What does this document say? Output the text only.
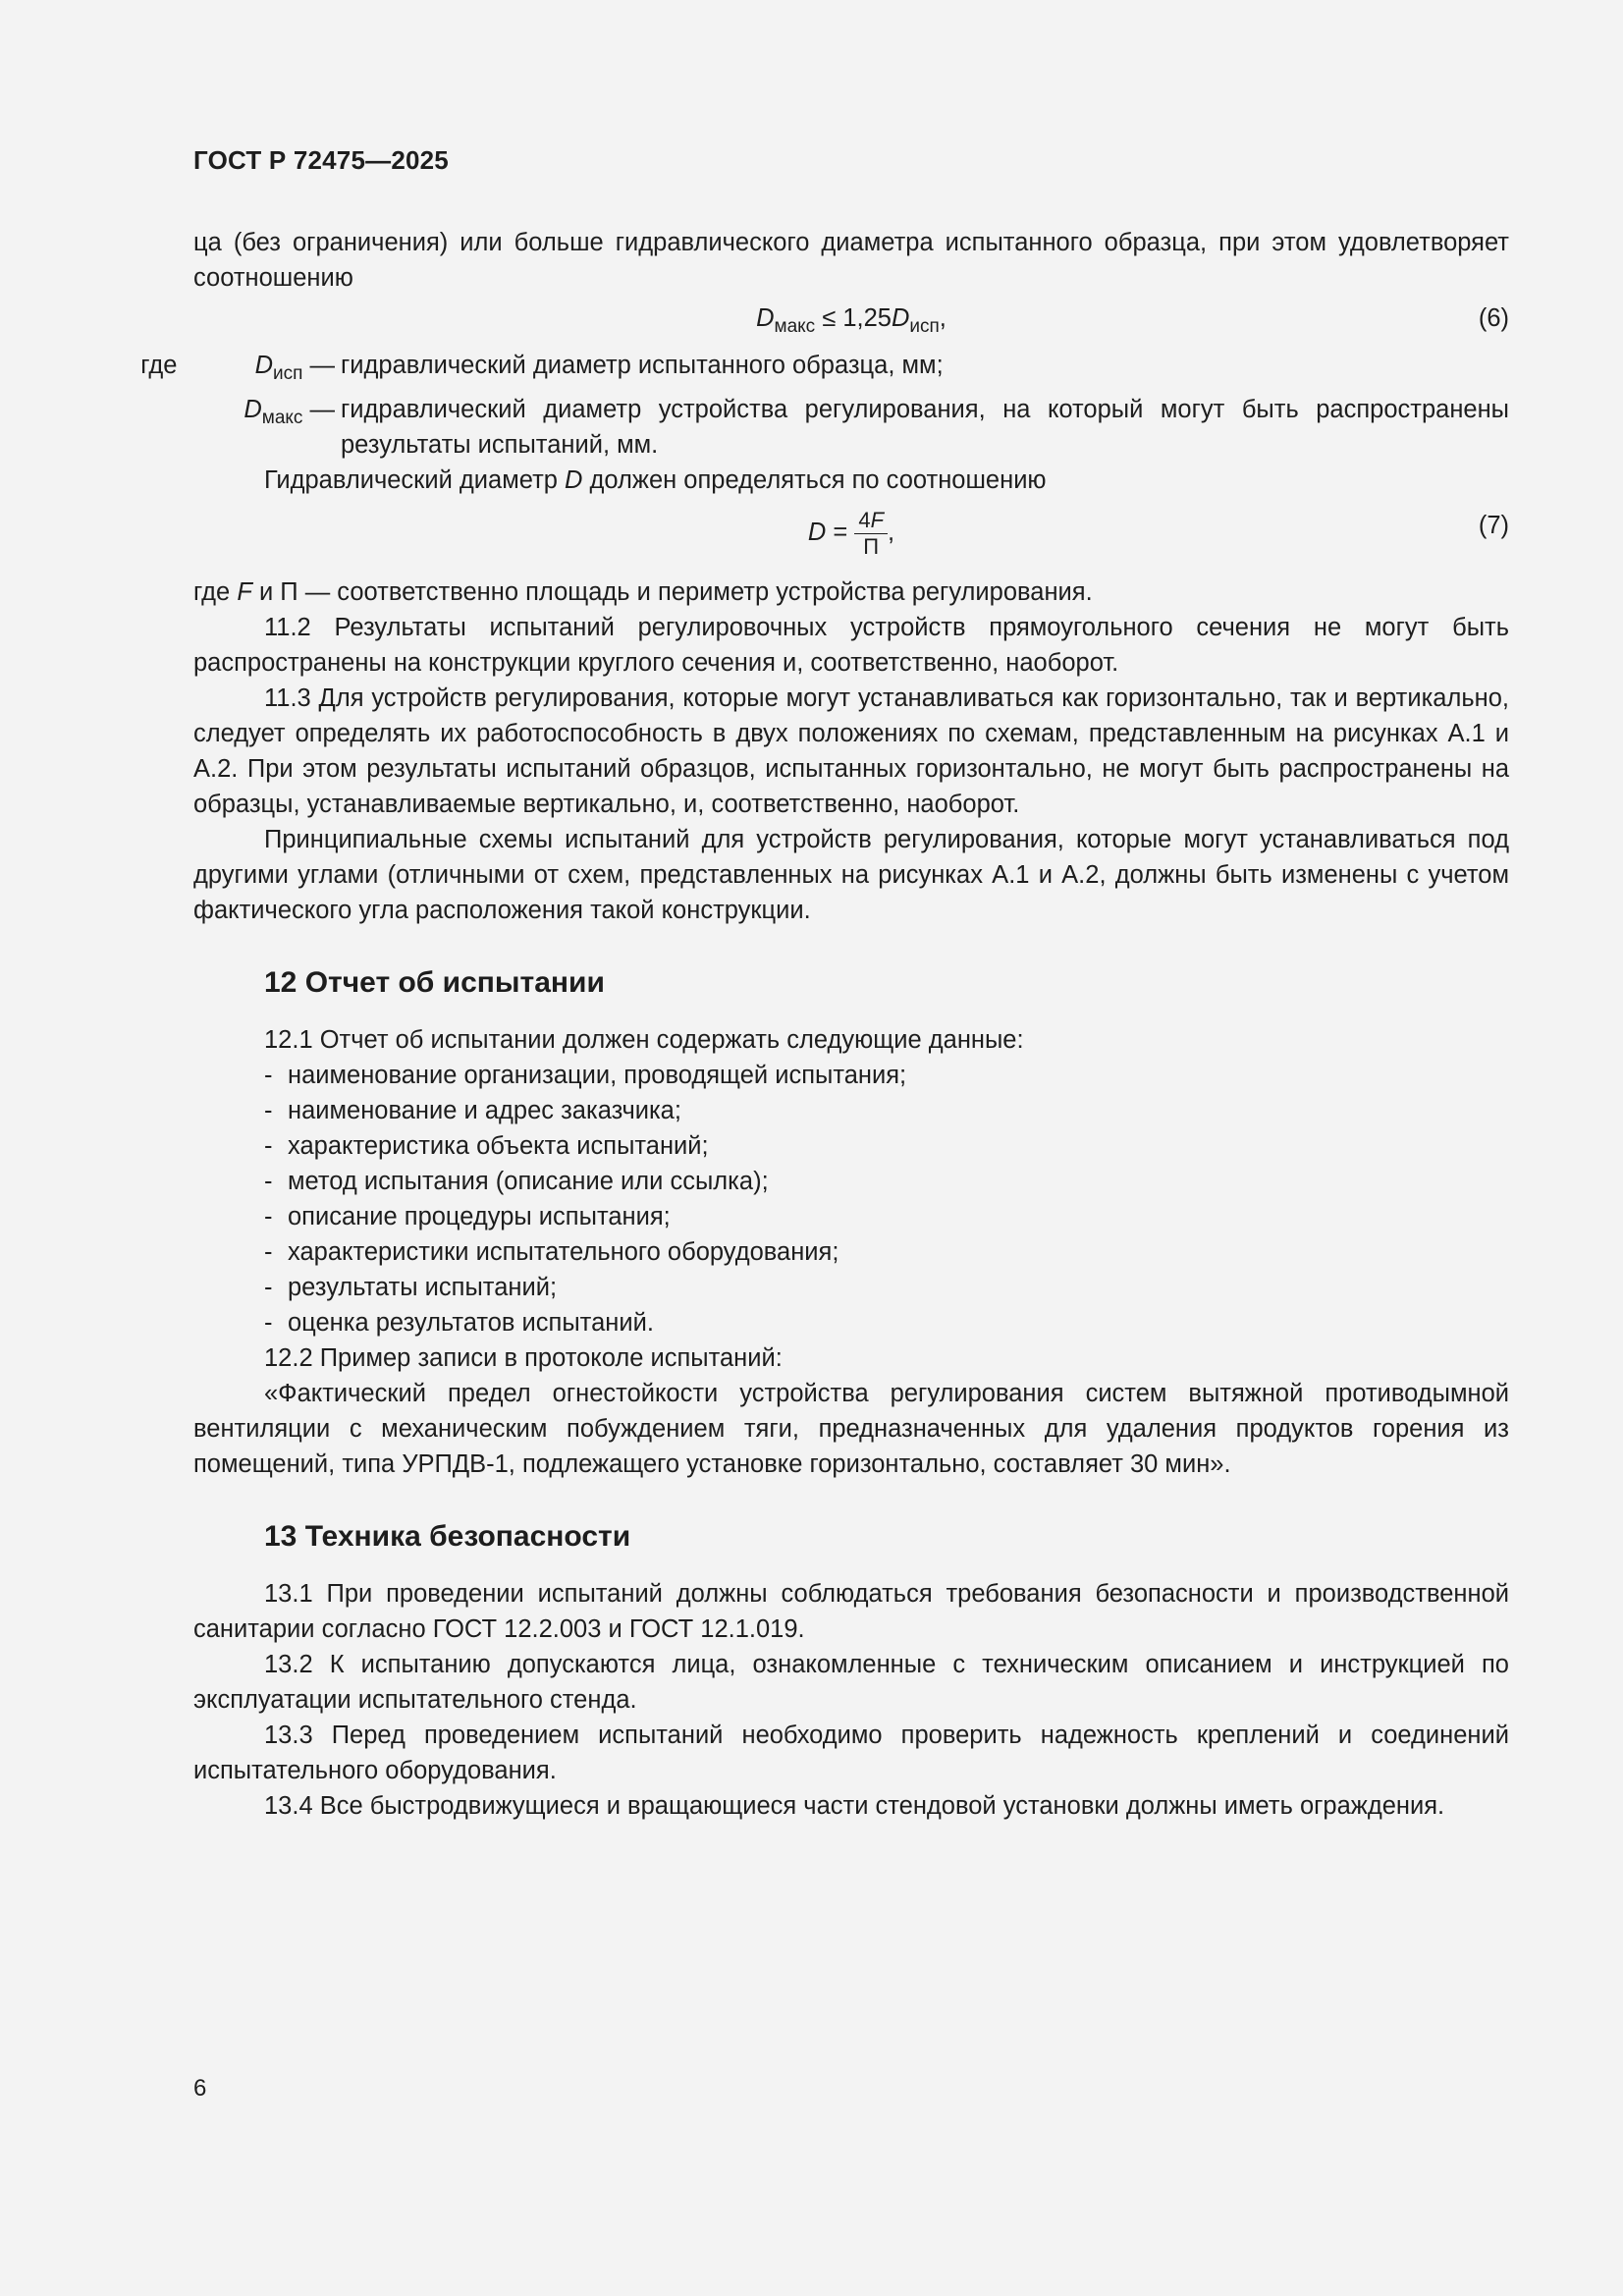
ГОСТ Р 72475—2025

ца (без ограничения) или больше гидравлического диаметра испытанного образца, при этом удовлетворяет соотношению

$D_{макс} \le 1,25D_{исп}$,	(6)
где	$D_{исп}$ — гидравлический диаметр испытанного образца, мм;
$D_{макс}$ — гидравлический диаметр устройства регулирования, на который могут быть распространены результаты испытаний, мм.

Гидравлический диаметр D должен определяться по соотношению

$D = \frac{4F}{П}$ ,	(7)

где F и П — соответственно площадь и периметр устройства регулирования.

11.2 Результаты испытаний регулировочных устройств прямоугольного сечения не могут быть распространены на конструкции круглого сечения и, соответственно, наоборот.

11.3 Для устройств регулирования, которые могут устанавливаться как горизонтально, так и вертикально, следует определять их работоспособность в двух положениях по схемам, представленным на рисунках А.1 и А.2. При этом результаты испытаний образцов, испытанных горизонтально, не могут быть распространены на образцы, устанавливаемые вертикально, и, соответственно, наоборот.

Принципиальные схемы испытаний для устройств регулирования, которые могут устанавливаться под другими углами (отличными от схем, представленных на рисунках А.1 и А.2, должны быть изменены с учетом фактического угла расположения такой конструкции.

12 Отчет об испытании

12.1 Отчет об испытании должен содержать следующие данные:

- наименование организации, проводящей испытания;

- наименование и адрес заказчика;

- характеристика объекта испытаний;

- метод испытания (описание или ссылка);

- описание процедуры испытания;

- характеристики испытательного оборудования;

- результаты испытаний;

- оценка результатов испытаний.

12.2 Пример записи в протоколе испытаний:

«Фактический предел огнестойкости устройства регулирования систем вытяжной противодымной вентиляции с механическим побуждением тяги, предназначенных для удаления продуктов горения из помещений, типа УРПДВ-1, подлежащего установке горизонтально, составляет 30 мин».

13 Техника безопасности

13.1 При проведении испытаний должны соблюдаться требования безопасности и производственной санитарии согласно ГОСТ 12.2.003 и ГОСТ 12.1.019.

13.2 К испытанию допускаются лица, ознакомленные с техническим описанием и инструкцией по эксплуатации испытательного стенда.

13.3 Перед проведением испытаний необходимо проверить надежность креплений и соединений испытательного оборудования.

13.4 Все быстродвижущиеся и вращающиеся части стендовой установки должны иметь ограждения.

6
